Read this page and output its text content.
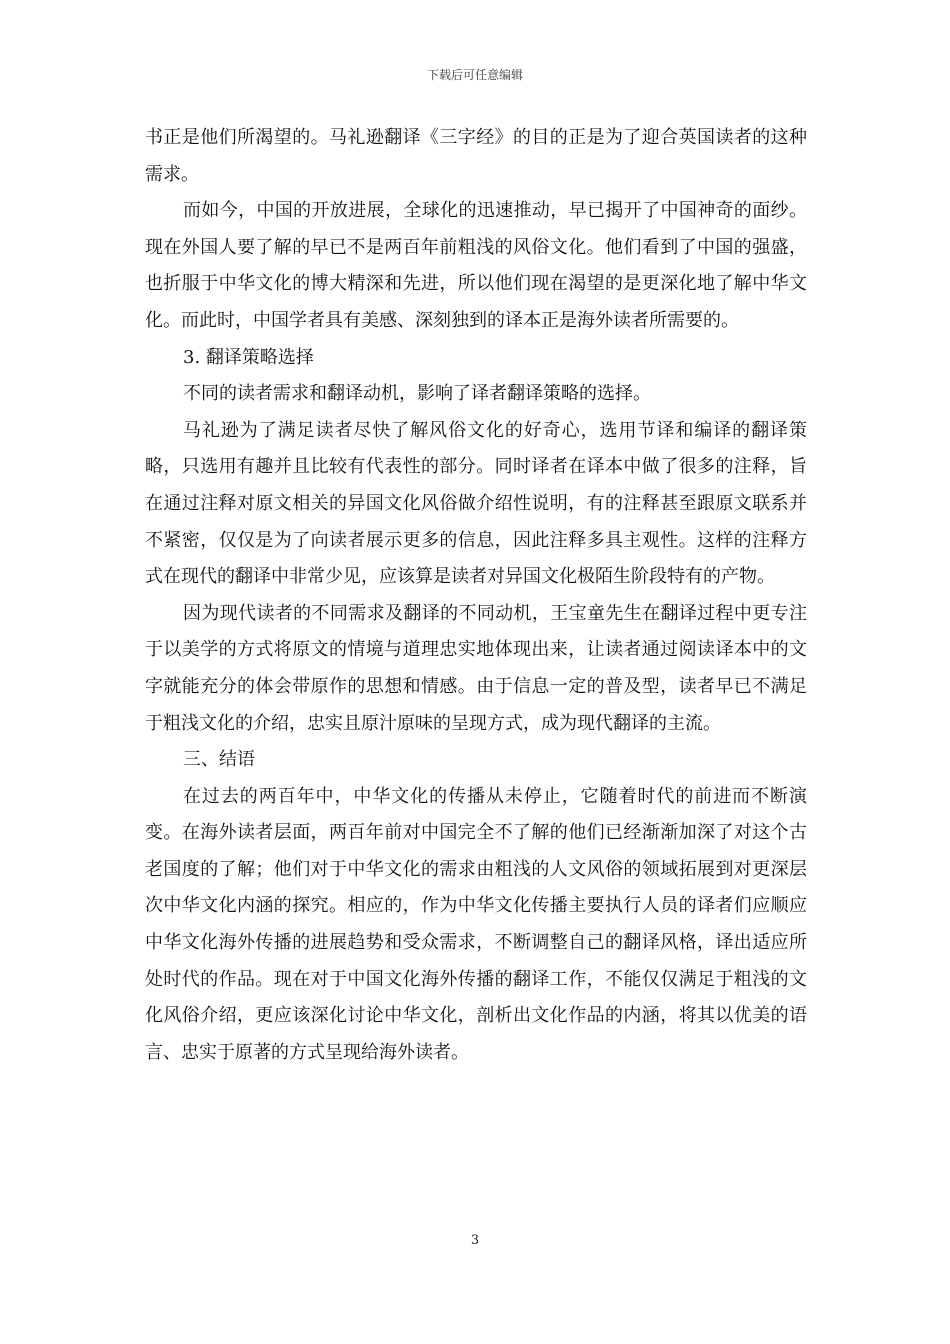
下载后可任意编辑

书正是他们所渴望的。马礼逊翻译《三字经》的目的正是为了迎合英国读者的这种需求。

而如今，中国的开放进展，全球化的迅速推动，早已揭开了中国神奇的面纱。现在外国人要了解的早已不是两百年前粗浅的风俗文化。他们看到了中国的强盛，也折服于中华文化的博大精深和先进，所以他们现在渴望的是更深化地了解中华文化。而此时，中国学者具有美感、深刻独到的译本正是海外读者所需要的。

3. 翻译策略选择

不同的读者需求和翻译动机，影响了译者翻译策略的选择。

马礼逊为了满足读者尽快了解风俗文化的好奇心，选用节译和编译的翻译策略，只选用有趣并且比较有代表性的部分。同时译者在译本中做了很多的注释，旨在通过注释对原文相关的异国文化风俗做介绍性说明，有的注释甚至跟原文联系并不紧密，仅仅是为了向读者展示更多的信息，因此注释多具主观性。这样的注释方式在现代的翻译中非常少见，应该算是读者对异国文化极陌生阶段特有的产物。

因为现代读者的不同需求及翻译的不同动机，王宝童先生在翻译过程中更专注于以美学的方式将原文的情境与道理忠实地体现出来，让读者通过阅读译本中的文字就能充分的体会带原作的思想和情感。由于信息一定的普及型，读者早已不满足于粗浅文化的介绍，忠实且原汁原味的呈现方式，成为现代翻译的主流。

三、结语

在过去的两百年中，中华文化的传播从未停止，它随着时代的前进而不断演变。在海外读者层面，两百年前对中国完全不了解的他们已经渐渐加深了对这个古老国度的了解；他们对于中华文化的需求由粗浅的人文风俗的领域拓展到对更深层次中华文化内涵的探究。相应的，作为中华文化传播主要执行人员的译者们应顺应中华文化海外传播的进展趋势和受众需求，不断调整自己的翻译风格，译出适应所处时代的作品。现在对于中国文化海外传播的翻译工作，不能仅仅满足于粗浅的文化风俗介绍，更应该深化讨论中华文化，剖析出文化作品的内涵，将其以优美的语言、忠实于原著的方式呈现给海外读者。

3
